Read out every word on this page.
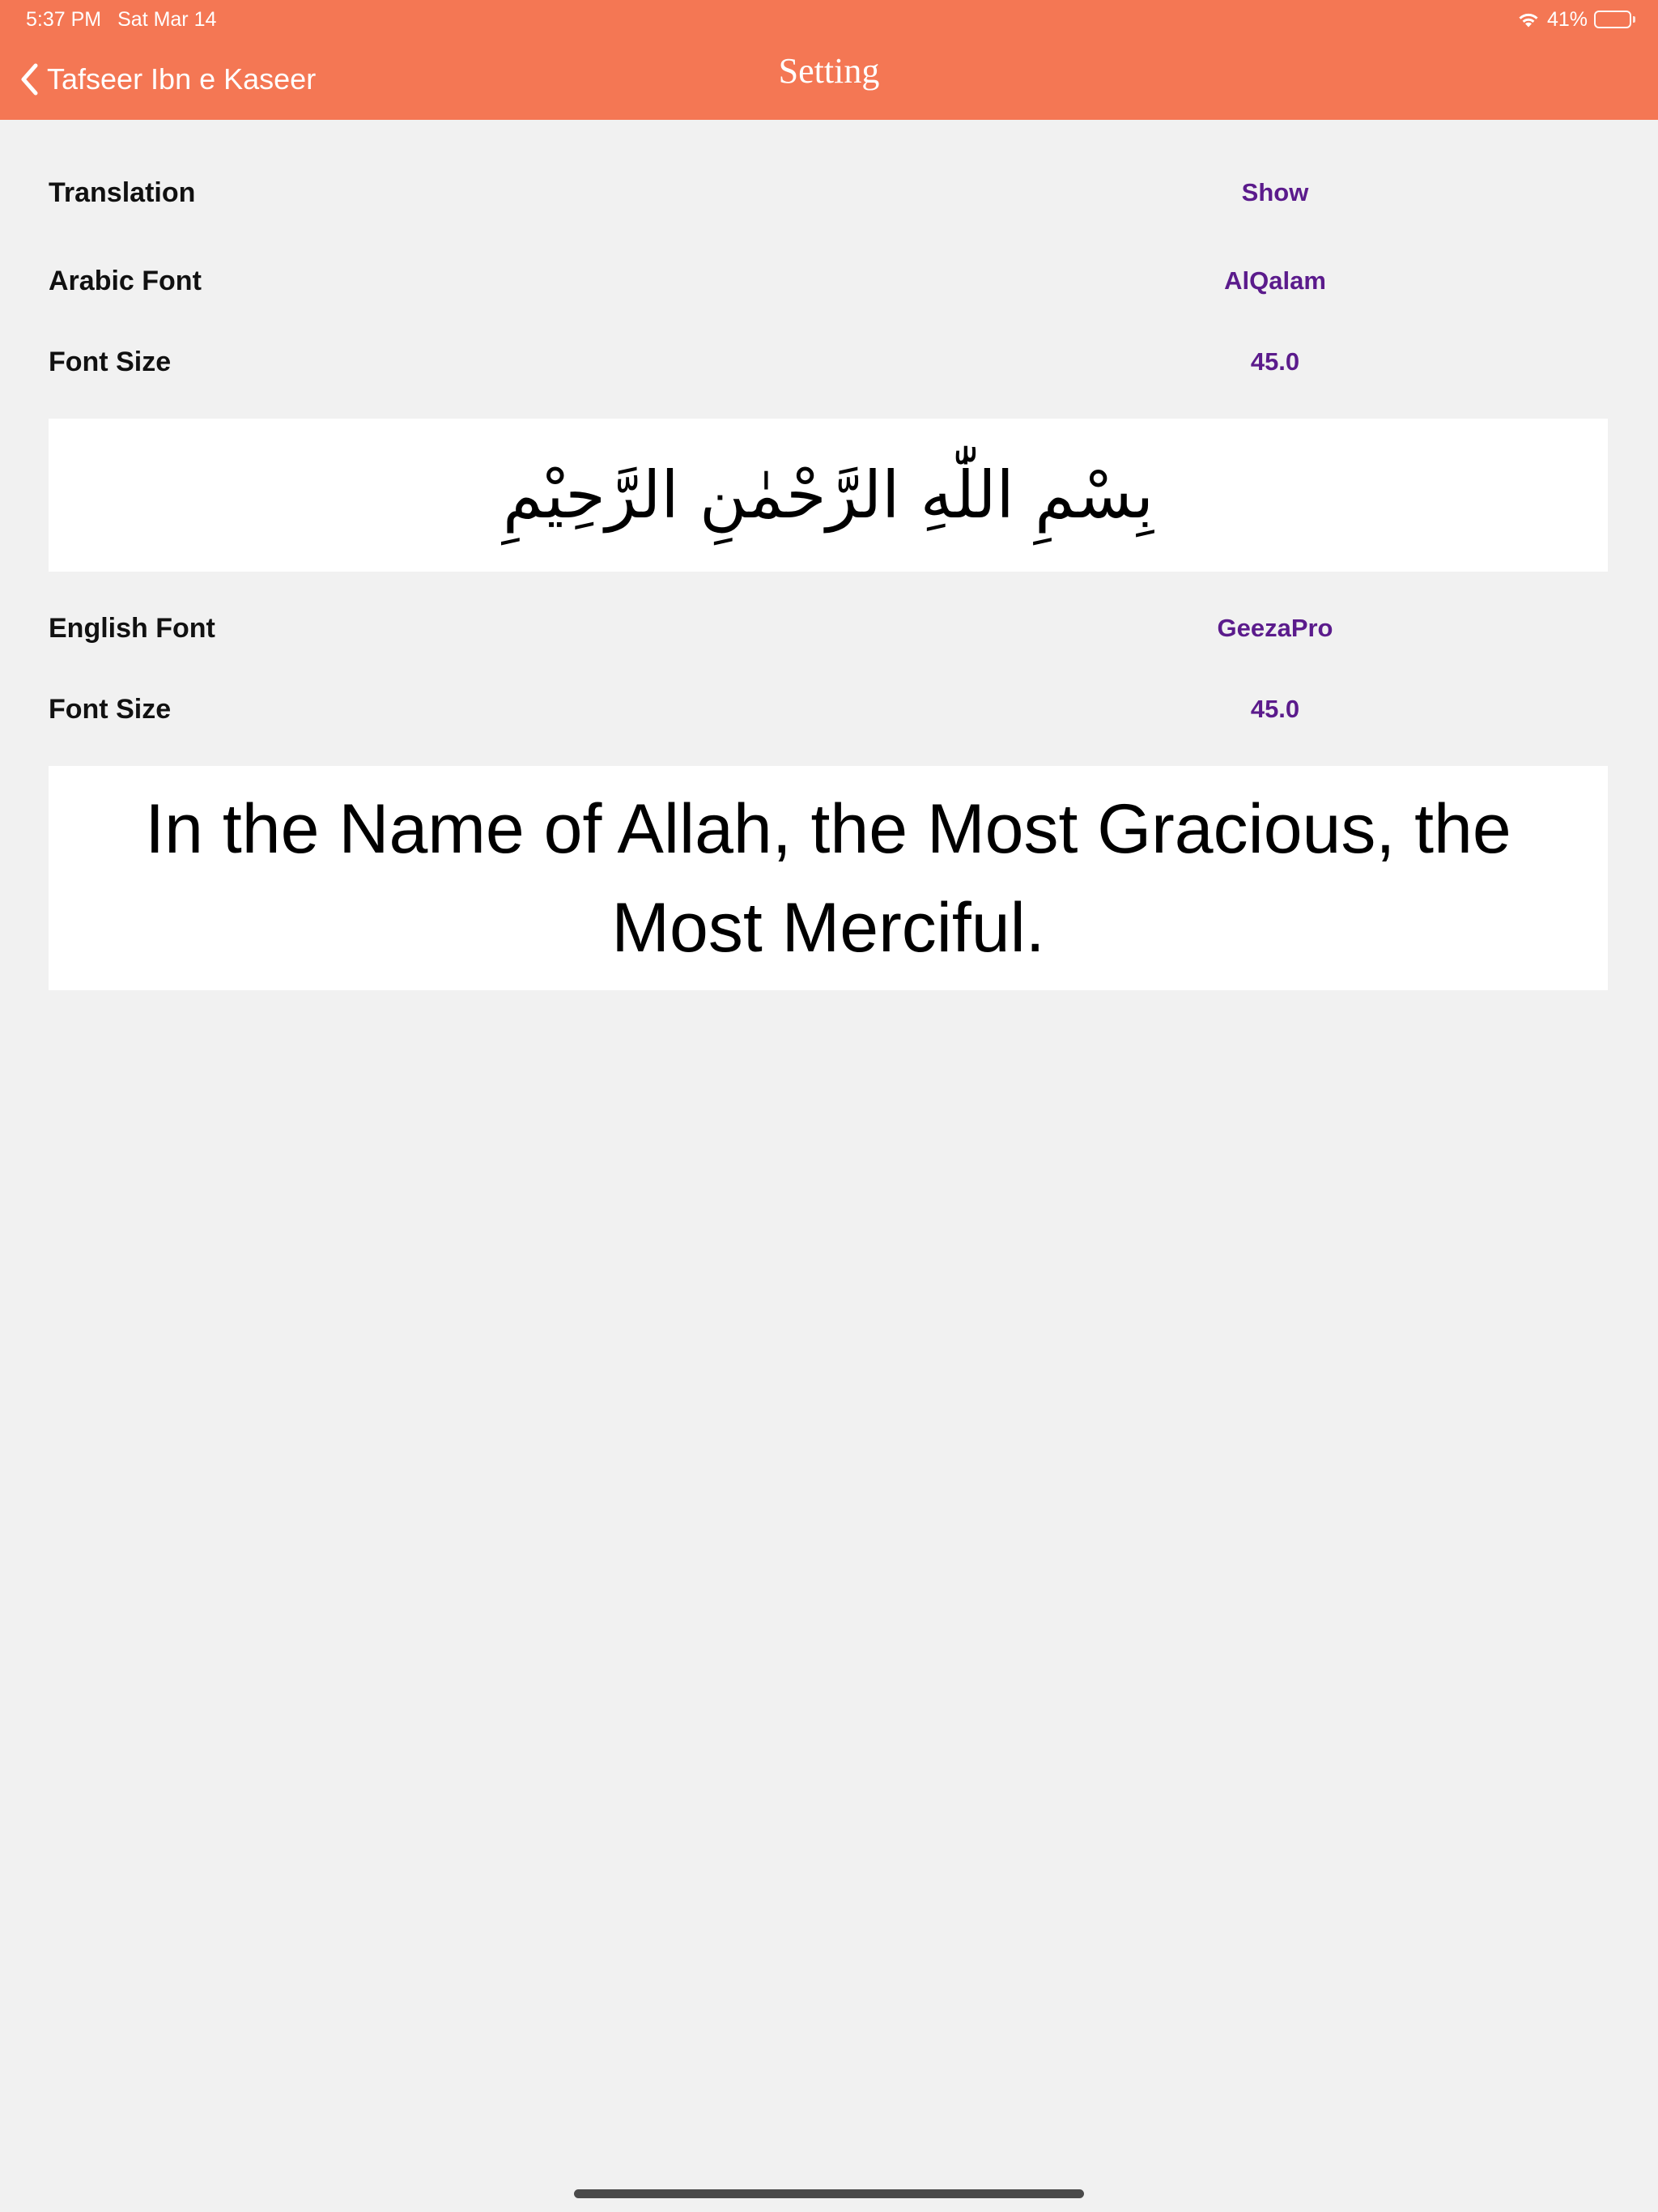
5:37 PM Sat Mar 14	41%
Tafseer Ibn e Kaseer	Setting
Translation	Show
Arabic Font	AlQalam
Font Size	45.0
بِسْمِ اللّٰهِ الرَّحْمٰنِ الرَّحِيْمِ
English Font	GeezaPro
Font Size	45.0
In the Name of Allah, the Most Gracious, the Most Merciful.
